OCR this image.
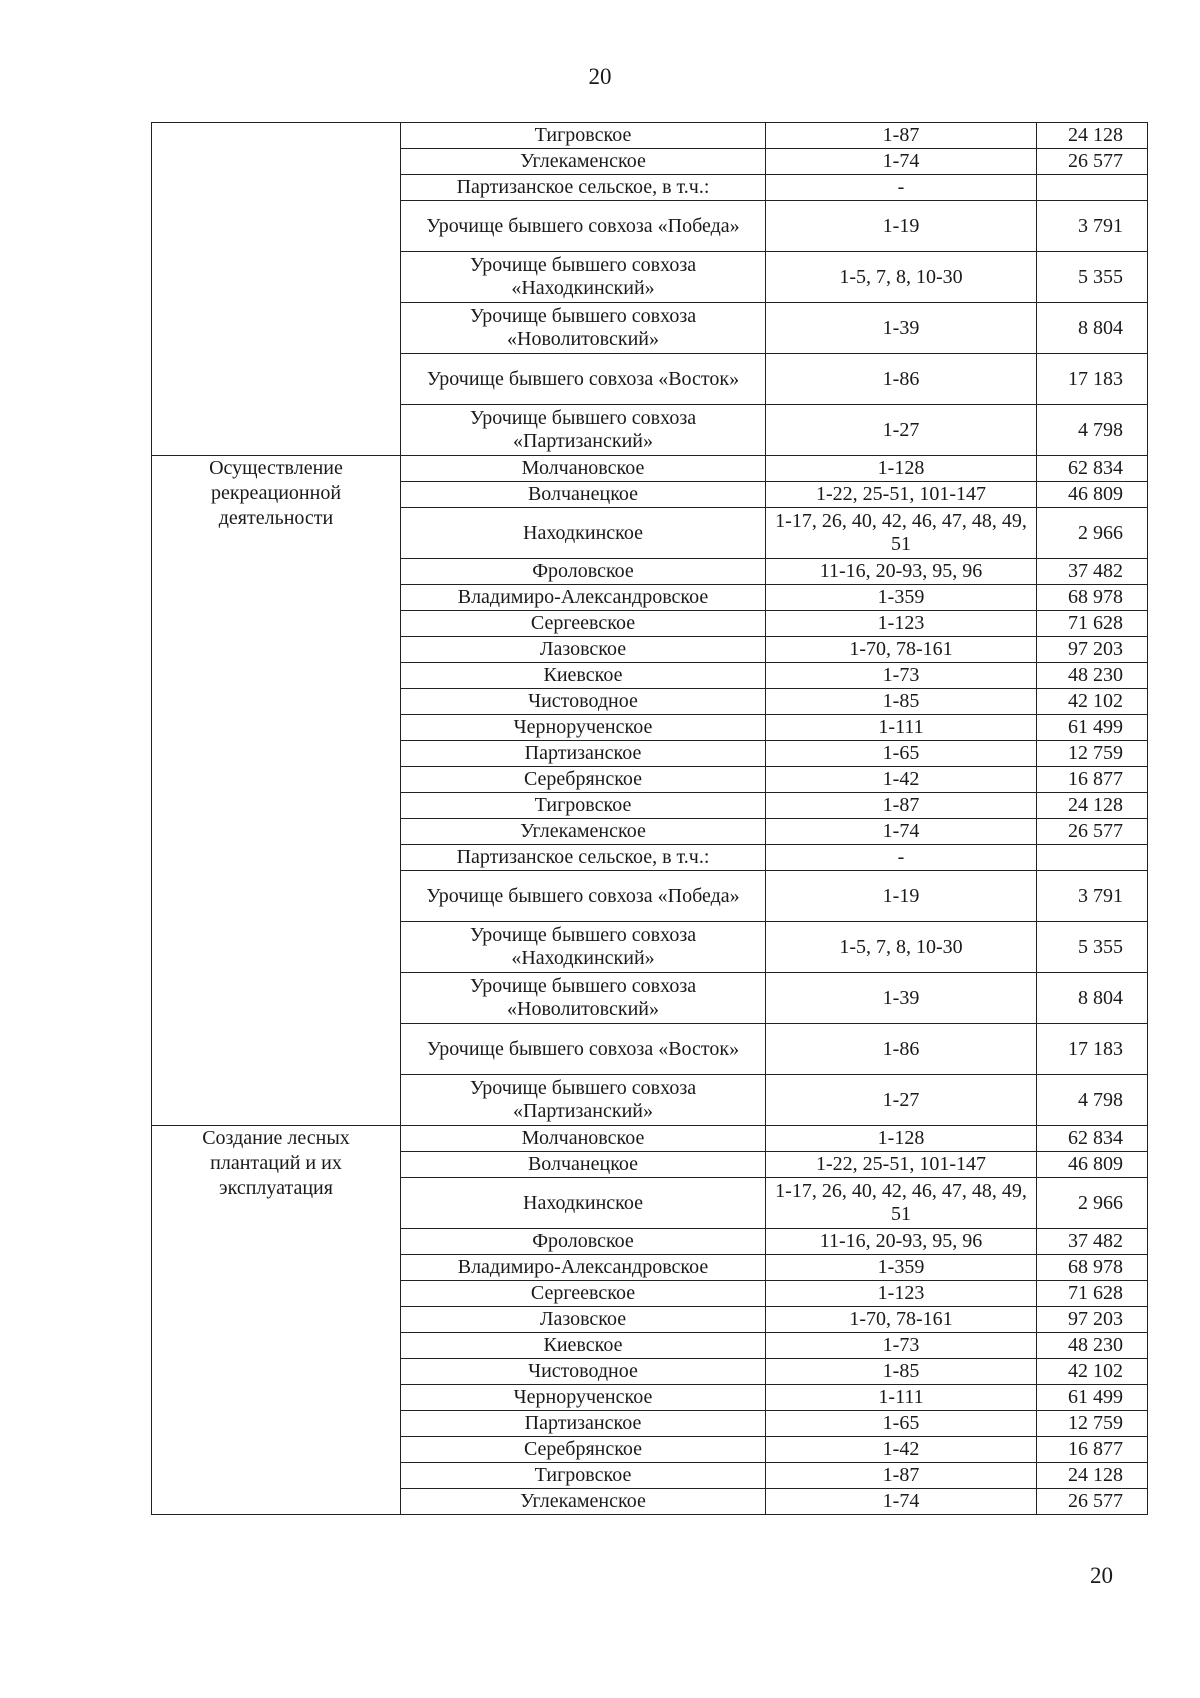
20
	Тигровское	1-87	24 128
	Углекаменское	1-74	26 577
	Партизанское сельское, в т.ч.:	-	
	Урочище бывшего совхоза «Победа»	1-19	3 791
	Урочище бывшего совхоза «Находкинский»	1-5, 7, 8, 10-30	5 355
	Урочище бывшего совхоза «Новолитовский»	1-39	8 804
	Урочище бывшего совхоза «Восток»	1-86	17 183
	Урочище бывшего совхоза «Партизанский»	1-27	4 798

Осуществление рекреационной деятельности	Молчановское	1-128	62 834
	Волчанецкое	1-22, 25-51, 101-147	46 809
	Находкинское	1-17, 26, 40, 42, 46, 47, 48, 49, 51	2 966
	Фроловское	11-16, 20-93, 95, 96	37 482
	Владимиро-Александровское	1-359	68 978
	Сергеевское	1-123	71 628
	Лазовское	1-70, 78-161	97 203
	Киевское	1-73	48 230
	Чистоводное	1-85	42 102
	Чернорученское	1-111	61 499
	Партизанское	1-65	12 759
	Серебрянское	1-42	16 877
	Тигровское	1-87	24 128
	Углекаменское	1-74	26 577
	Партизанское сельское, в т.ч.:	-	
	Урочище бывшего совхоза «Победа»	1-19	3 791
	Урочище бывшего совхоза «Находкинский»	1-5, 7, 8, 10-30	5 355
	Урочище бывшего совхоза «Новолитовский»	1-39	8 804
	Урочище бывшего совхоза «Восток»	1-86	17 183
	Урочище бывшего совхоза «Партизанский»	1-27	4 798

Создание лесных плантаций и их эксплуатация	Молчановское	1-128	62 834
	Волчанецкое	1-22, 25-51, 101-147	46 809
	Находкинское	1-17, 26, 40, 42, 46, 47, 48, 49, 51	2 966
	Фроловское	11-16, 20-93, 95, 96	37 482
	Владимиро-Александровское	1-359	68 978
	Сергеевское	1-123	71 628
	Лазовское	1-70, 78-161	97 203
	Киевское	1-73	48 230
	Чистоводное	1-85	42 102
	Чернорученское	1-111	61 499
	Партизанское	1-65	12 759
	Серебрянское	1-42	16 877
	Тигровское	1-87	24 128
	Углекаменское	1-74	26 577
20
